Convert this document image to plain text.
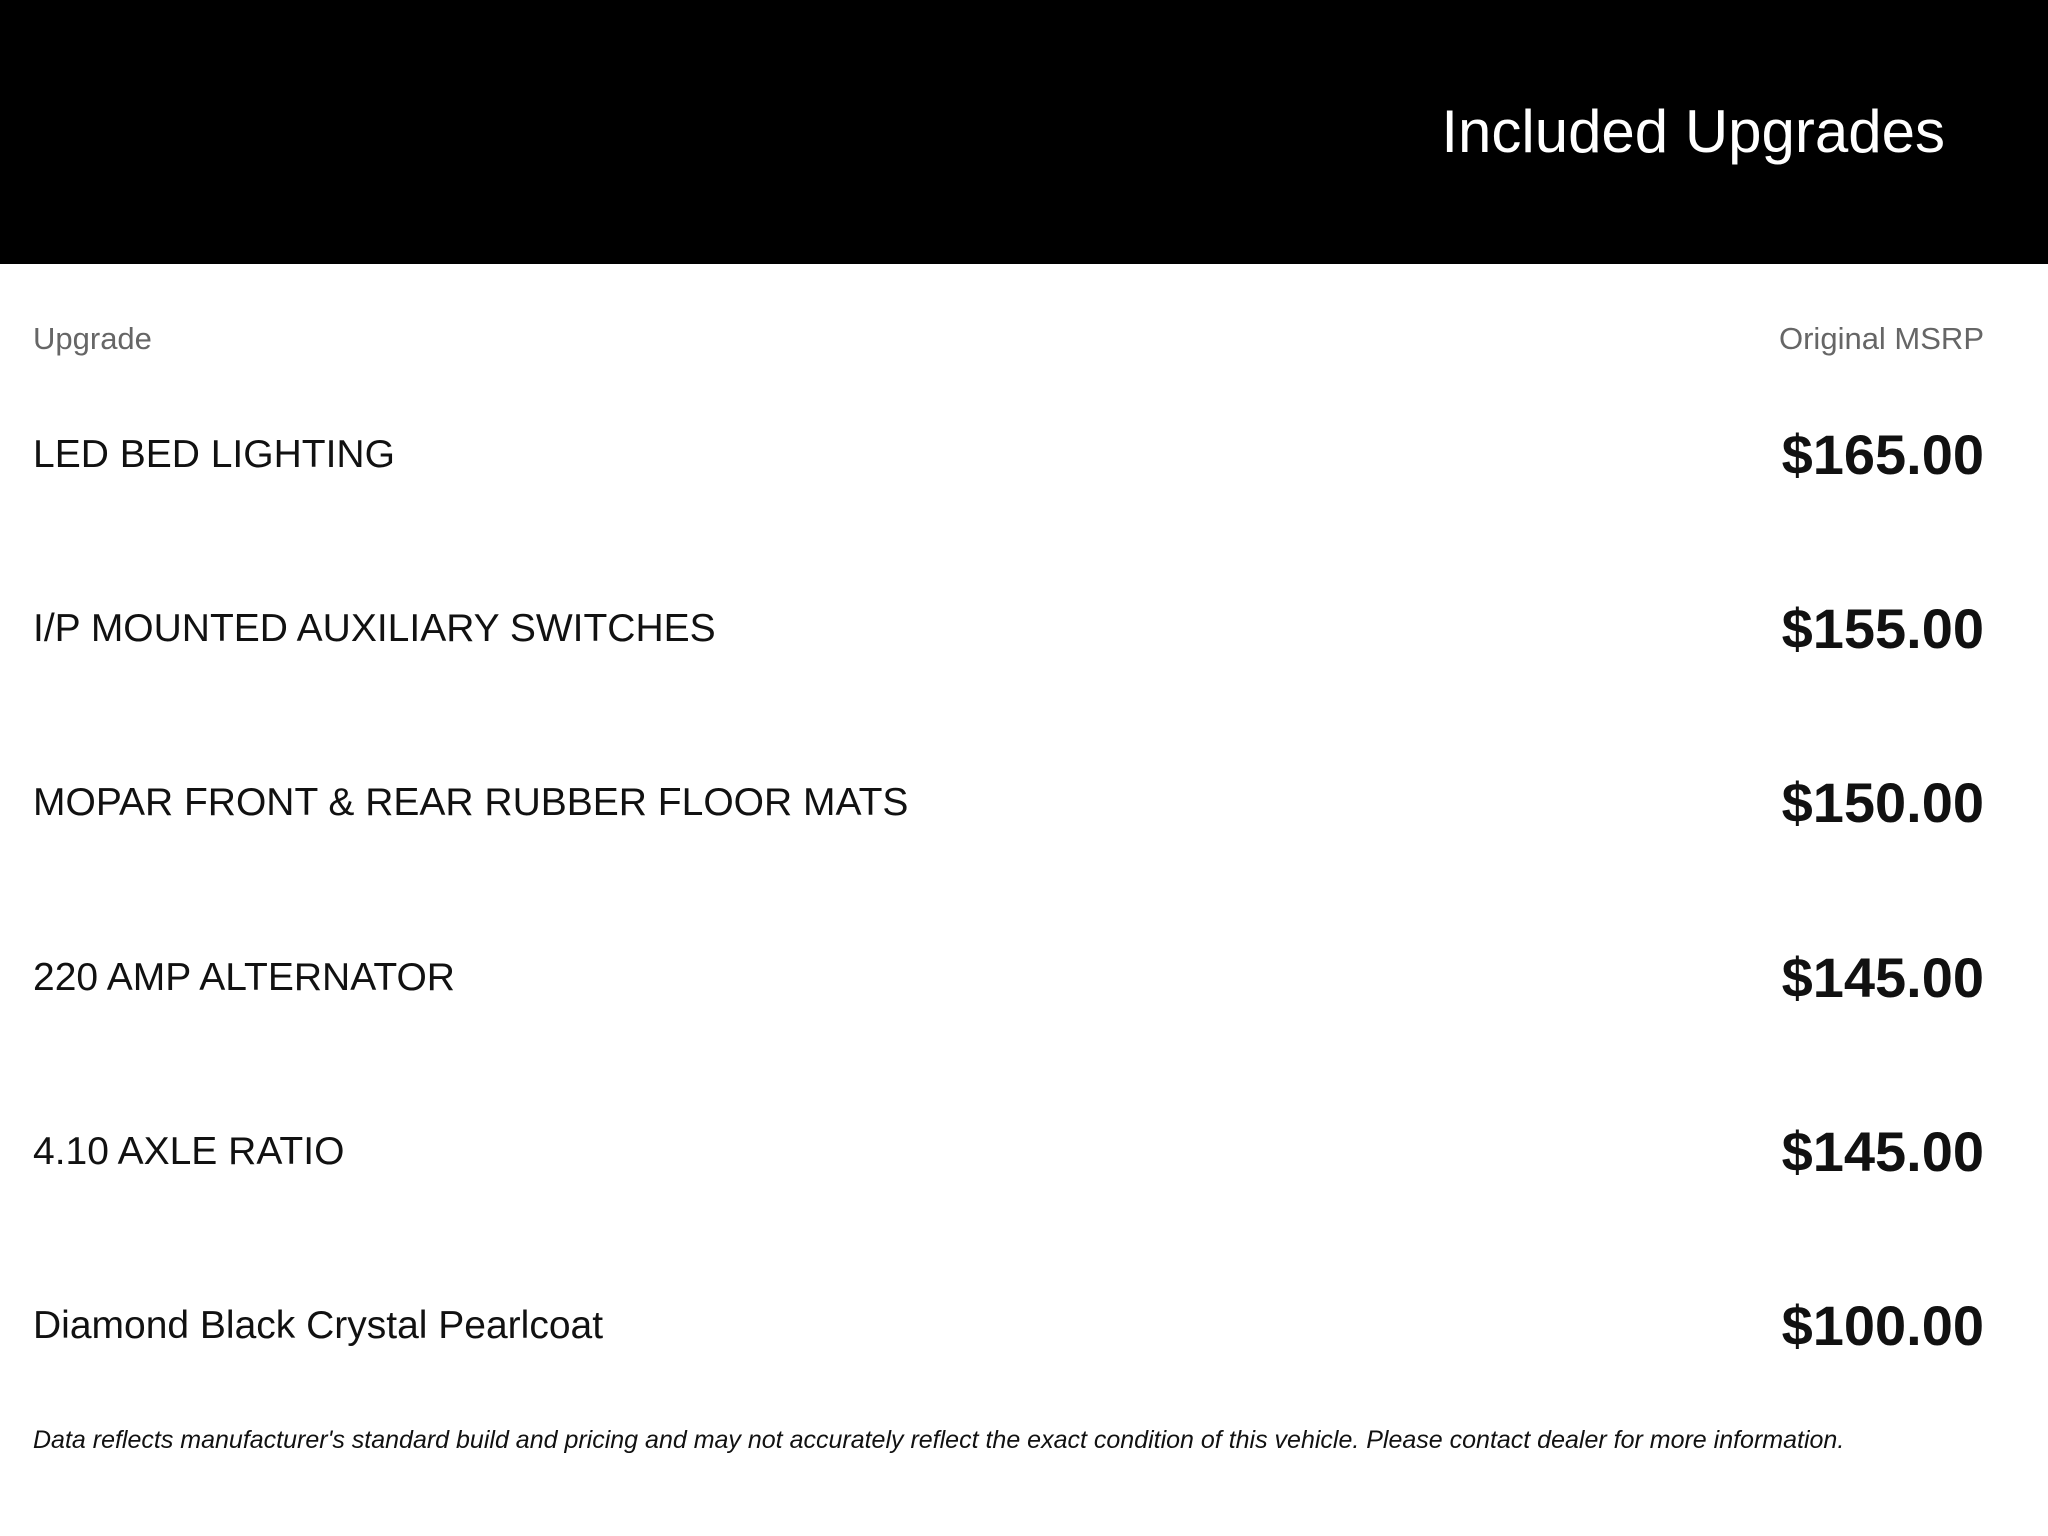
Included Upgrades
Upgrade	Original MSRP
LED BED LIGHTING	$165.00
I/P MOUNTED AUXILIARY SWITCHES	$155.00
MOPAR FRONT & REAR RUBBER FLOOR MATS	$150.00
220 AMP ALTERNATOR	$145.00
4.10 AXLE RATIO	$145.00
Diamond Black Crystal Pearlcoat	$100.00
Data reflects manufacturer's standard build and pricing and may not accurately reflect the exact condition of this vehicle. Please contact dealer for more information.
